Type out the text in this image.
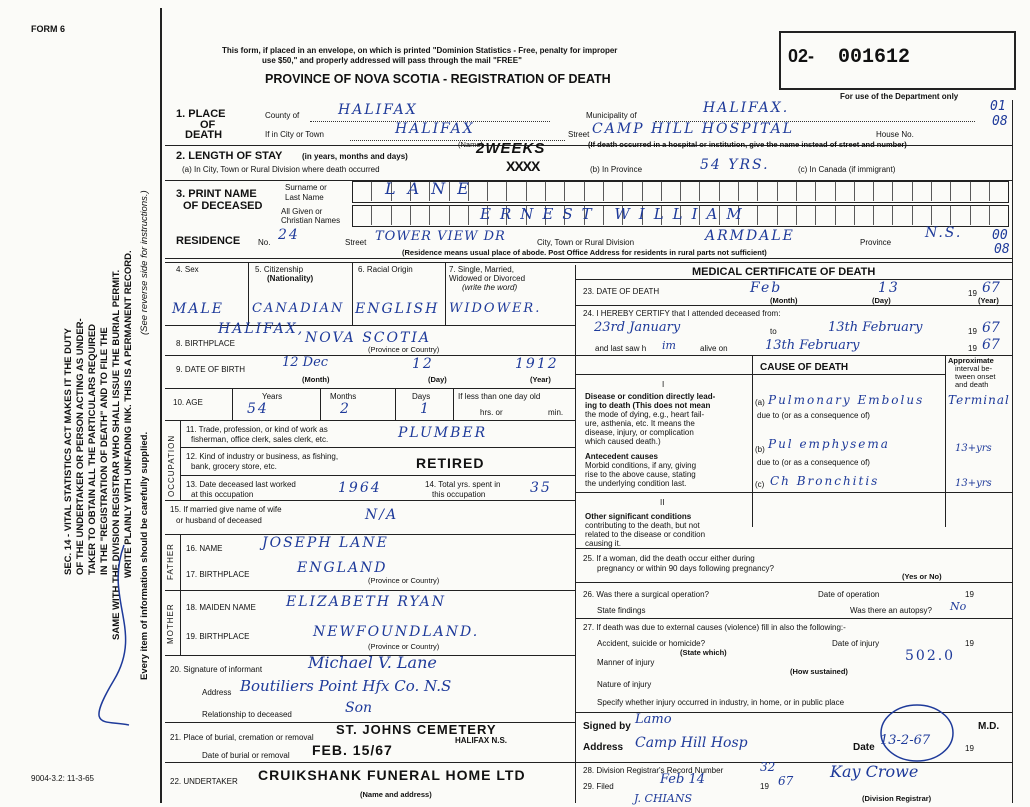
FORM 6
This form, if placed in an envelope, on which is printed "Dominion Statistics - Free, penalty for improper
use $50," and properly addressed will pass through the mail "FREE"
PROVINCE OF NOVA SCOTIA - REGISTRATION OF DEATH
02- 001612
For use of the Department only
01
08
00
08
SEC. 14 - VITAL STATISTICS ACT MAKES IT THE DUTY OF THE UNDERTAKER OR PERSON ACTING AS UNDER- TAKER TO OBTAIN ALL THE PARTICULARS REQUIRED IN THE "REGISTRATION OF DEATH" AND TO FILE THE SAME WITH THE DIVISION REGISTRAR WHO SHALL ISSUE THE BURIAL PERMIT. WRITE PLAINLY WITH UNFADING INK. THIS IS A PERMANENT RECORD. Every item of information should be carefully supplied.
(See reverse side for instructions.)
9004-3.2: 11-3-65
1. PLACE
OF
DEATH
County of	HALIFAX	Municipality of	HALIFAX.
If in City or Town	HALIFAX	Street CAMP HILL HOSPITAL	House No.
(Name)	(If death occurred in a hospital or institution, give the name instead of street and number)
2. LENGTH OF STAY (in years, months and days)
(a) In City, Town or Rural Division where death occurred
2WEEKS
XXXX	(b) In Province	54 YRS.	(c) In Canada (if immigrant)
3. PRINT NAME
OF DECEASED
Surname or
Last Name
All Given or
Christian Names
LANE
ERNEST WILLIAM
RESIDENCE No. 24	Street TOWER VIEW DR	City, Town or Rural Division	ARMDALE	Province
N.S.
(Residence means usual place of abode. Post Office Address for residents in rural parts not sufficient)
4. Sex	5. Citizenship
(Nationality)
6. Racial Origin	7. Single, Married,
Widowed or Divorced
(write the word)
MALE CANADIAN ENGLISH WIDOWER.
HALIFAX,
8. BIRTHPLACE	NOVA SCOTIA
(Province or Country)
9. DATE OF BIRTH	12 Dec	12	1912
(Month)	(Day)	(Year)
10. AGE
Years	Months	Days	If less than one day old
hrs. or	min.
54	2	1
OCCUPATION
11. Trade, profession, or kind of work as
fisherman, office clerk, sales clerk, etc.	PLUMBER
12. Kind of industry or business, as fishing,
bank, grocery store, etc.	RETIRED
13. Date deceased last worked
at this occupation	1964	14. Total yrs. spent in
this occupation	35
15. If married give name of wife
or husband of deceased	N/A
FATHER 16. NAME	JOSEPH LANE
17. BIRTHPLACE	ENGLAND
(Province or Country)
MOTHER 18. MAIDEN NAME ELIZABETH RYAN
19. BIRTHPLACE	NEWFOUNDLAND.
(Province or Country)
20. Signature of informant	Michael V. Lane
Address Boutiliers Point Hfx Co. N.S
Relationship to deceased	Son
21. Place of burial, cremation or removal
ST. JOHNS CEMETERY
HALIFAX N.S.
Date of burial or removal FEB. 15/67
22. UNDERTAKER CRUIKSHANK FUNERAL HOME LTD
(Name and address)
MEDICAL CERTIFICATE OF DEATH
23. DATE OF DEATH	Feb	13	19 67
(Month)	(Day)	(Year)
24. I HEREBY CERTIFY that I attended deceased from:
23rd January	to	13th February	19 67
and last saw h im	alive on	13th February	19 67
CAUSE OF DEATH
Approximate
interval be-
tween onset
and death
I
Disease or condition directly lead-
ing to death (This does not mean
the mode of dying, e.g., heart fail-
ure, asthenia, etc. It means the
disease, injury, or complication
which caused death.)
(a) Pulmonary Embolus Terminal
due to (or as a consequence of)
(b) Pul emphysema	13+yrs
Antecedent causes
Morbid conditions, if any, giving
rise to the above cause, stating
the underlying condition last.
due to (or as a consequence of)
(c) Ch Bronchitis	13+yrs
II
Other significant conditions
contributing to the death, but not
related to the disease or condition
causing it.
25. If a woman, did the death occur either during
pregnancy or within 90 days following pregnancy?
(Yes or No)
26. Was there a surgical operation?	Date of operation	19
State findings	Was there an autopsy? No
27. If death was due to external causes (violence) fill in also the following:-
Accident, suicide or homicide?	Date of injury	19
(State which)	502.0
Manner of injury
(How sustained)
Nature of injury
Specify whether injury occurred in industry, in home, or in public place
Signed by Lamo	M.D.
Address Camp Hill Hosp	Date 13-2-67
19
28. Division Registrar's Record Number	32
29. Filed	Feb 14	19 67 Kay Crowe
(Division Registrar)
J. CHIANS
